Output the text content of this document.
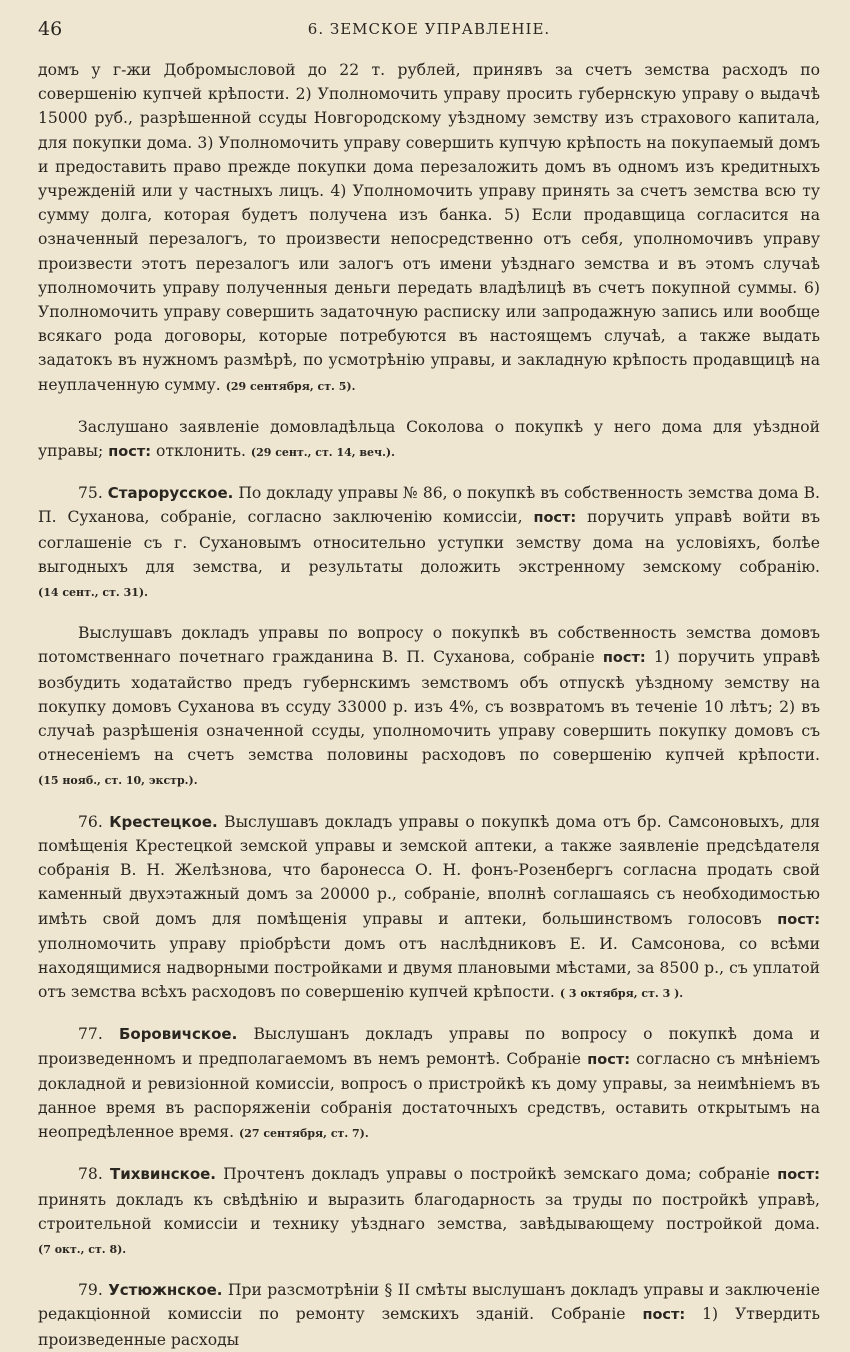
46	6. ЗЕМСКОЕ УПРАВЛЕНІЕ.

домъ у г-жи Добромысловой до 22 т. рублей, принявъ за счетъ земства расходъ по совершенію купчей крѣпости. 2) Уполномочить управу просить губернскую управу о выдачѣ 15000 руб., разрѣшенной ссуды Новгородскому уѣздному земству изъ страхового капитала, для покупки дома. 3) Уполномочить управу совершить купчую крѣпость на покупаемый домъ и предоставить право прежде покупки дома перезаложить домъ въ одномъ изъ кредитныхъ учрежденій или у частныхъ лицъ. 4) Уполномочить управу принять за счетъ земства всю ту сумму долга, которая будетъ получена изъ банка. 5) Если продавщица согласится на означенный перезалогъ, то произвести непосредственно отъ себя, уполномочивъ управу произвести этотъ перезалогъ или залогъ отъ имени уѣзднаго земства и въ этомъ случаѣ уполномочить управу полученныя деньги передать владѣлицѣ въ счетъ покупной суммы. 6) Уполномочить управу совершить задаточную расписку или запродажную запись или вообще всякаго рода договоры, которые потребуются въ настоящемъ случаѣ, а также выдать задатокъ въ нужномъ размѣрѣ, по усмотрѣнію управы, и закладную крѣпость продавщицѣ на неуплаченную сумму. (29 сентября, ст. 5).

Заслушано заявленіе домовладѣльца Соколова о покупкѣ у него дома для уѣздной управы; пост: отклонить. (29 сент., ст. 14, веч.).

75. Старорусское. По докладу управы № 86, о покупкѣ въ собственность земства дома В. П. Суханова, собраніе, согласно заключенію комиссіи, пост: поручить управѣ войти въ соглашеніе съ г. Сухановымъ относительно уступки земству дома на условіяхъ, болѣе выгодныхъ для земства, и результаты доложить экстренному земскому собранію. (14 сент., ст. 31).

Выслушавъ докладъ управы по вопросу о покупкѣ въ собственность земства домовъ потомственнаго почетнаго гражданина В. П. Суханова, собраніе пост: 1) поручить управѣ возбудить ходатайство предъ губернскимъ земствомъ объ отпускѣ уѣздному земству на покупку домовъ Суханова въ ссуду 33000 р. изъ 4%, съ возвратомъ въ теченіе 10 лѣтъ; 2) въ случаѣ разрѣшенія означенной ссуды, уполномочить управу совершить покупку домовъ съ отнесеніемъ на счетъ земства половины расходовъ по совершенію купчей крѣпости. (15 нояб., ст. 10, экстр.).

76. Крестецкое. Выслушавъ докладъ управы о покупкѣ дома отъ бр. Самсоновыхъ, для помѣщенія Крестецкой земской управы и земской аптеки, а также заявленіе предсѣдателя собранія В. Н. Желѣзнова, что баронесса О. Н. фонъ-Розенбергъ согласна продать свой каменный двухэтажный домъ за 20000 р., собраніе, вполнѣ соглашаясь съ необходимостью имѣть свой домъ для помѣщенія управы и аптеки, большинствомъ голосовъ пост: уполномочить управу пріобрѣсти домъ отъ наслѣдниковъ Е. И. Самсонова, со всѣми находящимися надворными постройками и двумя плановыми мѣстами, за 8500 р., съ уплатой отъ земства всѣхъ расходовъ по совершенію купчей крѣпости. ( 3 октября, ст. 3 ).

77. Боровичское. Выслушанъ докладъ управы по вопросу о покупкѣ дома и произведенномъ и предполагаемомъ въ немъ ремонтѣ. Собраніе пост: согласно съ мнѣніемъ докладной и ревизіонной комиссіи, вопросъ о пристройкѣ къ дому управы, за неимѣніемъ въ данное время въ распоряженіи собранія достаточныхъ средствъ, оставить открытымъ на неопредѣленное время. (27 сентября, ст. 7).

78. Тихвинское. Прочтенъ докладъ управы о постройкѣ земскаго дома; собраніе пост: принять докладъ къ свѣдѣнію и выразить благодарность за труды по постройкѣ управѣ, строительной комиссіи и технику уѣзднаго земства, завѣдывающему постройкой дома. (7 окт., ст. 8).

79. Устюжнское. При разсмотрѣніи § II смѣты выслушанъ докладъ управы и заключеніе редакціонной комиссіи по ремонту земскихъ зданій. Собраніе пост: 1) Утвердить произведенные расходы
